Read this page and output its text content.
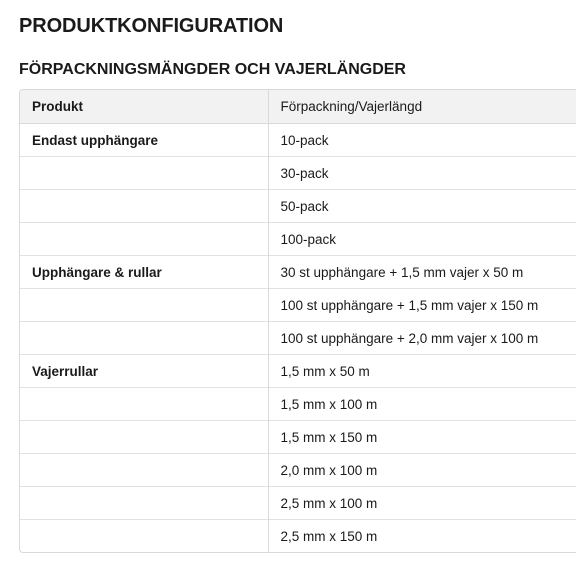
PRODUKTKONFIGURATION
FÖRPACKNINGSMÄNGDER OCH VAJERLÄNGDER
Produkt	Förpackning/Vajerlängd
Endast upphängare	10-pack
	30-pack
	50-pack
	100-pack
Upphängare & rullar	30 st upphängare + 1,5 mm vajer x 50 m
	100 st upphängare + 1,5 mm vajer x 150 m
	100 st upphängare + 2,0 mm vajer x 100 m
Vajerrullar	1,5 mm x 50 m
	1,5 mm x 100 m
	1,5 mm x 150 m
	2,0 mm x 100 m
	2,5 mm x 100 m
	2,5 mm x 150 m
